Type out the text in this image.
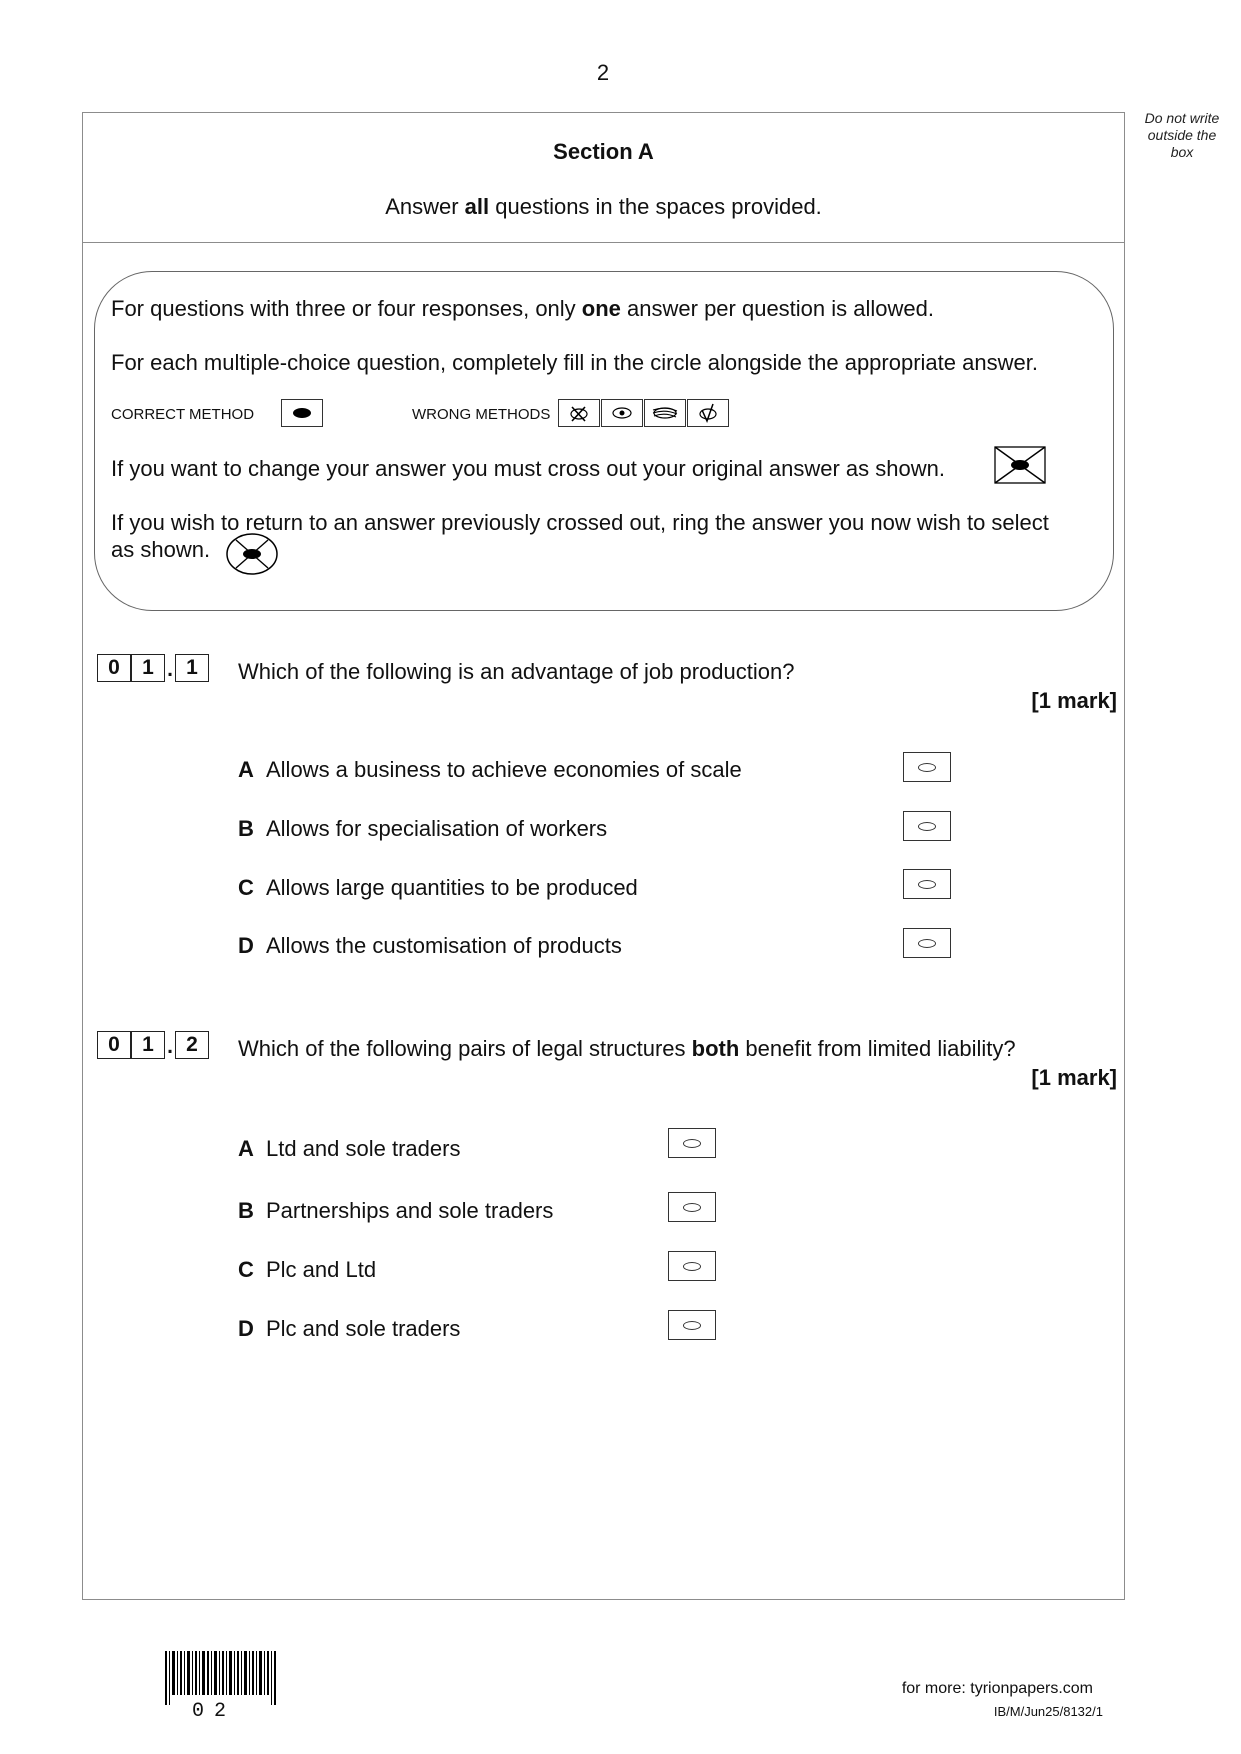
2
Do not write outside the box
Section A
Answer all questions in the spaces provided.
For questions with three or four responses, only one answer per question is allowed.
For each multiple-choice question, completely fill in the circle alongside the appropriate answer.
CORRECT METHOD	WRONG METHODS
If you want to change your answer you must cross out your original answer as shown.
If you wish to return to an answer previously crossed out, ring the answer you now wish to select
as shown.
0	1 . 1	Which of the following is an advantage of job production?
[1 mark]
A Allows a business to achieve economies of scale
B Allows for specialisation of workers
C Allows large quantities to be produced
D Allows the customisation of products
0	1 . 2	Which of the following pairs of legal structures both benefit from limited liability?
[1 mark]
A Ltd and sole traders
B Partnerships and sole traders
C Plc and Ltd
D Plc and sole traders
02
for more: tyrionpapers.com
IB/M/Jun25/8132/1
